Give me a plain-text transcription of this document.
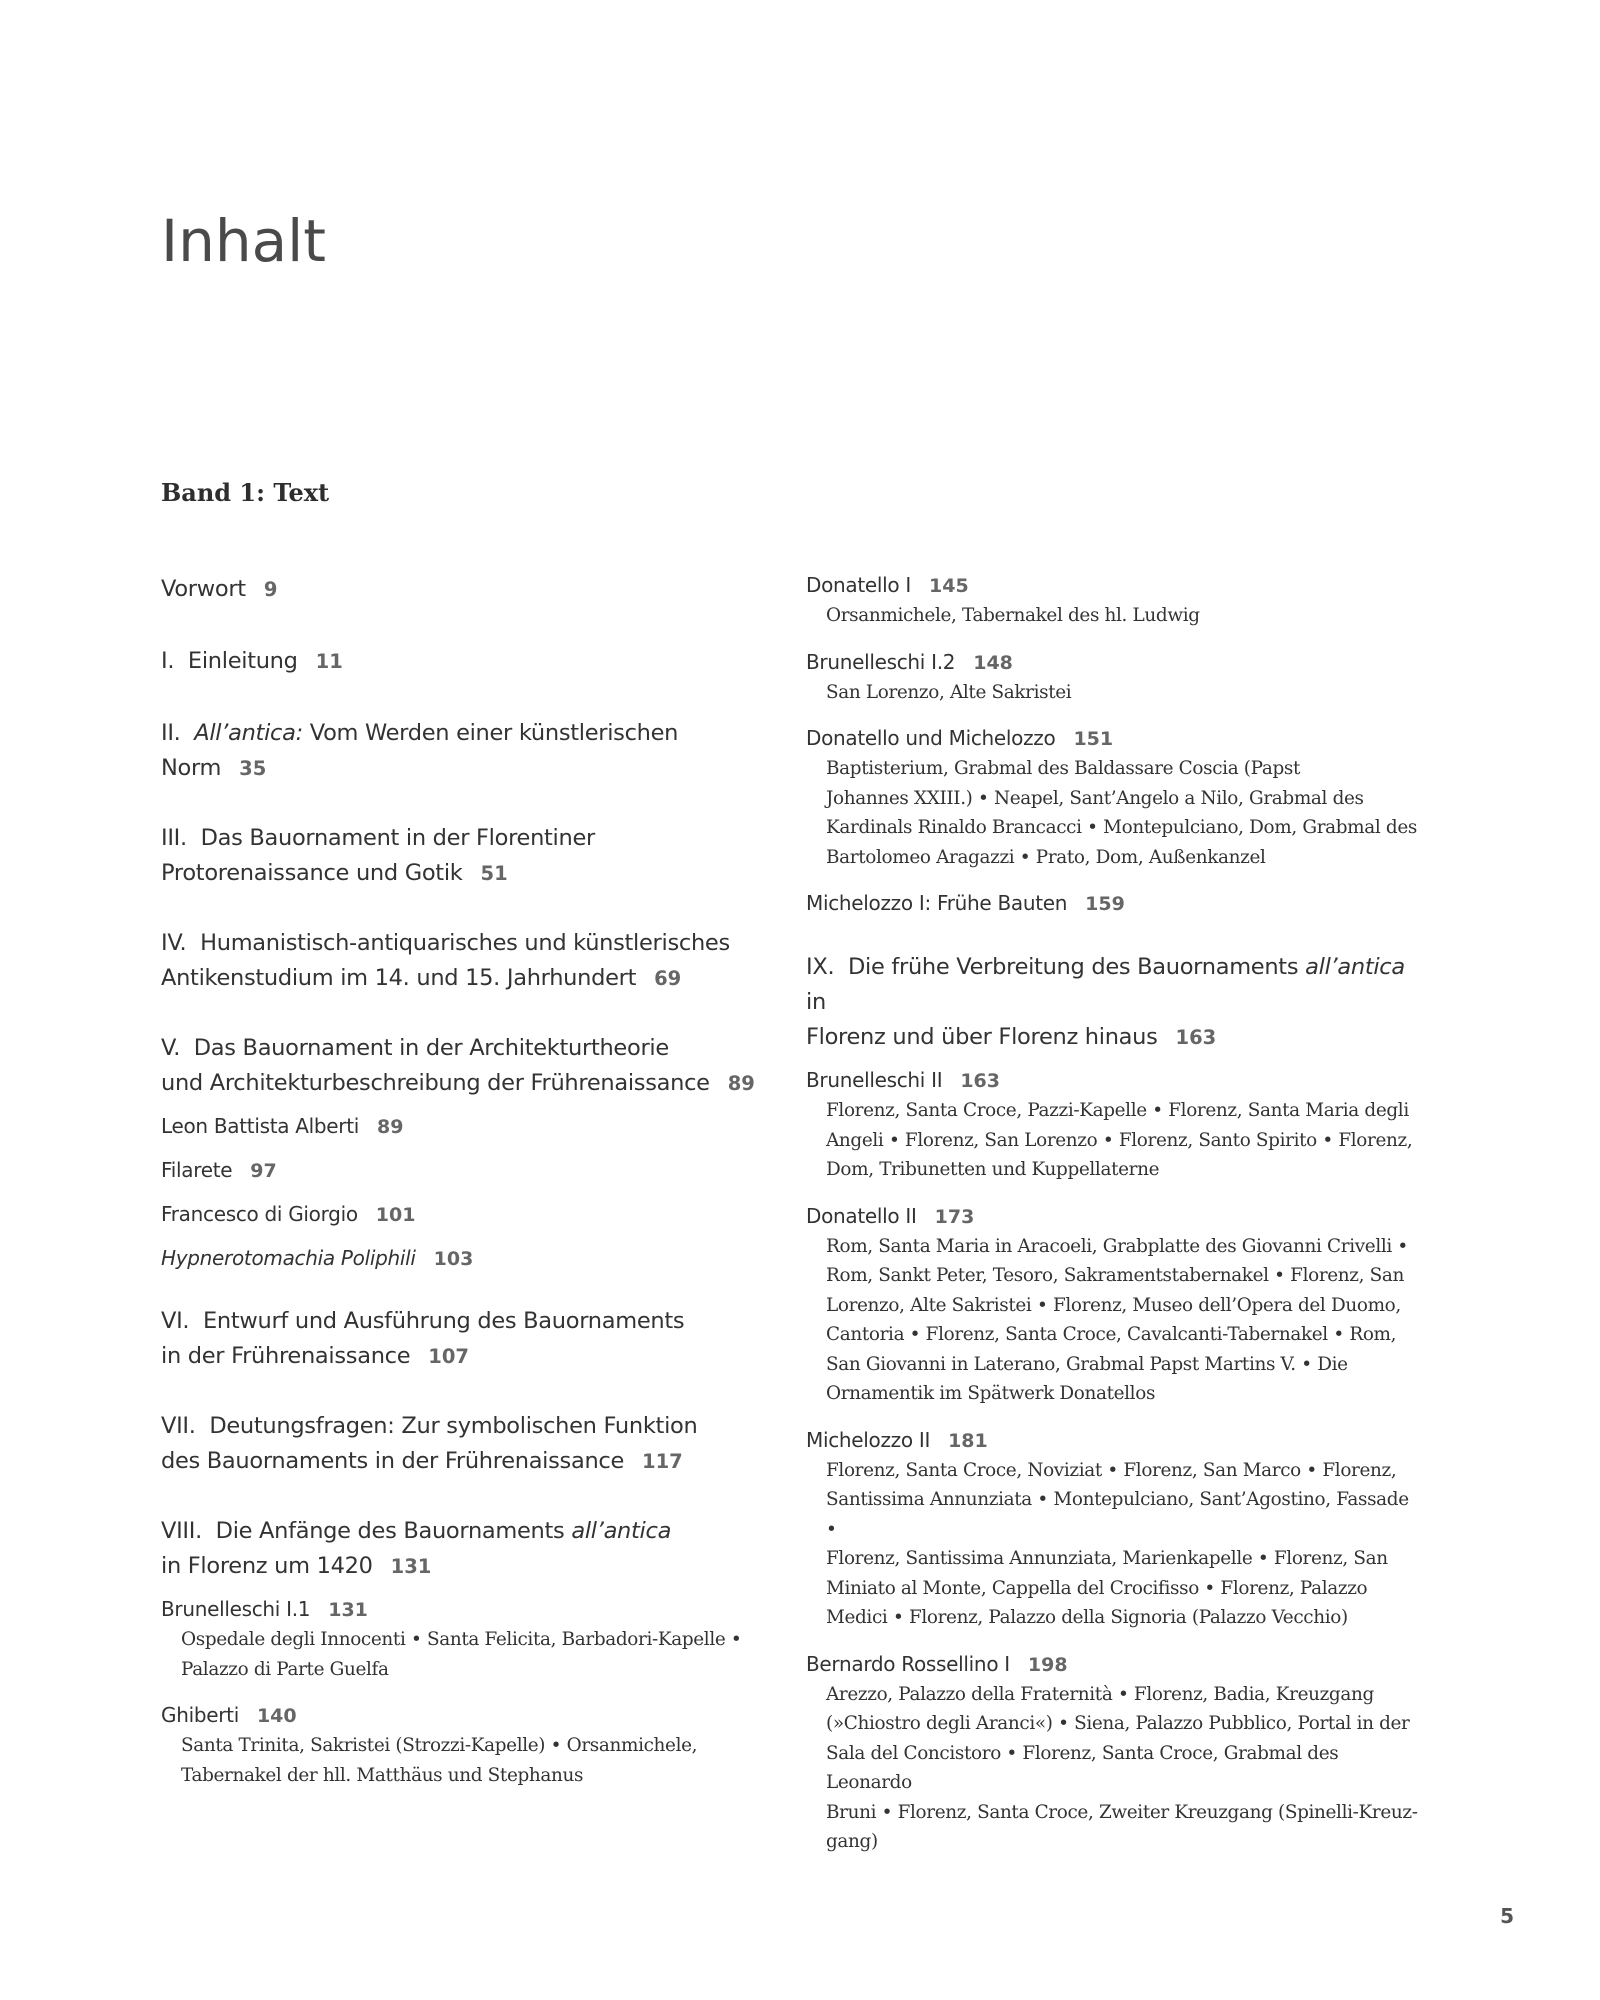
Inhalt
Band 1: Text
Vorwort 9
I. Einleitung 11
II. All’antica: Vom Werden einer künstlerischen
Norm 35
III. Das Bauornament in der Florentiner
Protorenaissance und Gotik 51
IV. Humanistisch-antiquarisches und künstlerisches
Antikenstudium im 14. und 15. Jahrhundert 69
V. Das Bauornament in der Architekturtheorie
und Architekturbeschreibung der Frührenaissance 89
Leon Battista Alberti 89
Filarete 97
Francesco di Giorgio 101
Hypnerotomachia Poliphili 103
VI. Entwurf und Ausführung des Bauornaments
in der Frührenaissance 107
VII. Deutungsfragen: Zur symbolischen Funktion
des Bauornaments in der Frührenaissance 117
VIII. Die Anfänge des Bauornaments all’antica
in Florenz um 1420 131
Brunelleschi I.1 131
Ospedale degli Innocenti • Santa Felicita, Barbadori-Kapelle •
Palazzo di Parte Guelfa
Ghiberti 140
Santa Trinita, Sakristei (Strozzi-Kapelle) • Orsanmichele,
Tabernakel der hll. Matthäus und Stephanus
Donatello I 145
Orsanmichele, Tabernakel des hl. Ludwig
Brunelleschi I.2 148
San Lorenzo, Alte Sakristei
Donatello und Michelozzo 151
Baptisterium, Grabmal des Baldassare Coscia (Papst
Johannes XXIII.) • Neapel, Sant’Angelo a Nilo, Grabmal des
Kardinals Rinaldo Brancacci • Montepulciano, Dom, Grabmal des
Bartolomeo Aragazzi • Prato, Dom, Außenkanzel
Michelozzo I: Frühe Bauten 159
IX. Die frühe Verbreitung des Bauornaments all’antica in
Florenz und über Florenz hinaus 163
Brunelleschi II 163
Florenz, Santa Croce, Pazzi-Kapelle • Florenz, Santa Maria degli
Angeli • Florenz, San Lorenzo • Florenz, Santo Spirito • Florenz,
Dom, Tribunetten und Kuppellaterne
Donatello II 173
Rom, Santa Maria in Aracoeli, Grabplatte des Giovanni Crivelli •
Rom, Sankt Peter, Tesoro, Sakramentstabernakel • Florenz, San
Lorenzo, Alte Sakristei • Florenz, Museo dell’Opera del Duomo,
Cantoria • Florenz, Santa Croce, Cavalcanti-Tabernakel • Rom,
San Giovanni in Laterano, Grabmal Papst Martins V. • Die
Ornamentik im Spätwerk Donatellos
Michelozzo II 181
Florenz, Santa Croce, Noviziat • Florenz, San Marco • Florenz,
Santissima Annunziata • Montepulciano, Sant’Agostino, Fassade •
Florenz, Santissima Annunziata, Marienkapelle • Florenz, San
Miniato al Monte, Cappella del Crocifisso • Florenz, Palazzo
Medici • Florenz, Palazzo della Signoria (Palazzo Vecchio)
Bernardo Rossellino I 198
Arezzo, Palazzo della Fraternità • Florenz, Badia, Kreuzgang
(»Chiostro degli Aranci«) • Siena, Palazzo Pubblico, Portal in der
Sala del Concistoro • Florenz, Santa Croce, Grabmal des Leonardo
Bruni • Florenz, Santa Croce, Zweiter Kreuzgang (Spinelli-Kreuz-
gang)
5
